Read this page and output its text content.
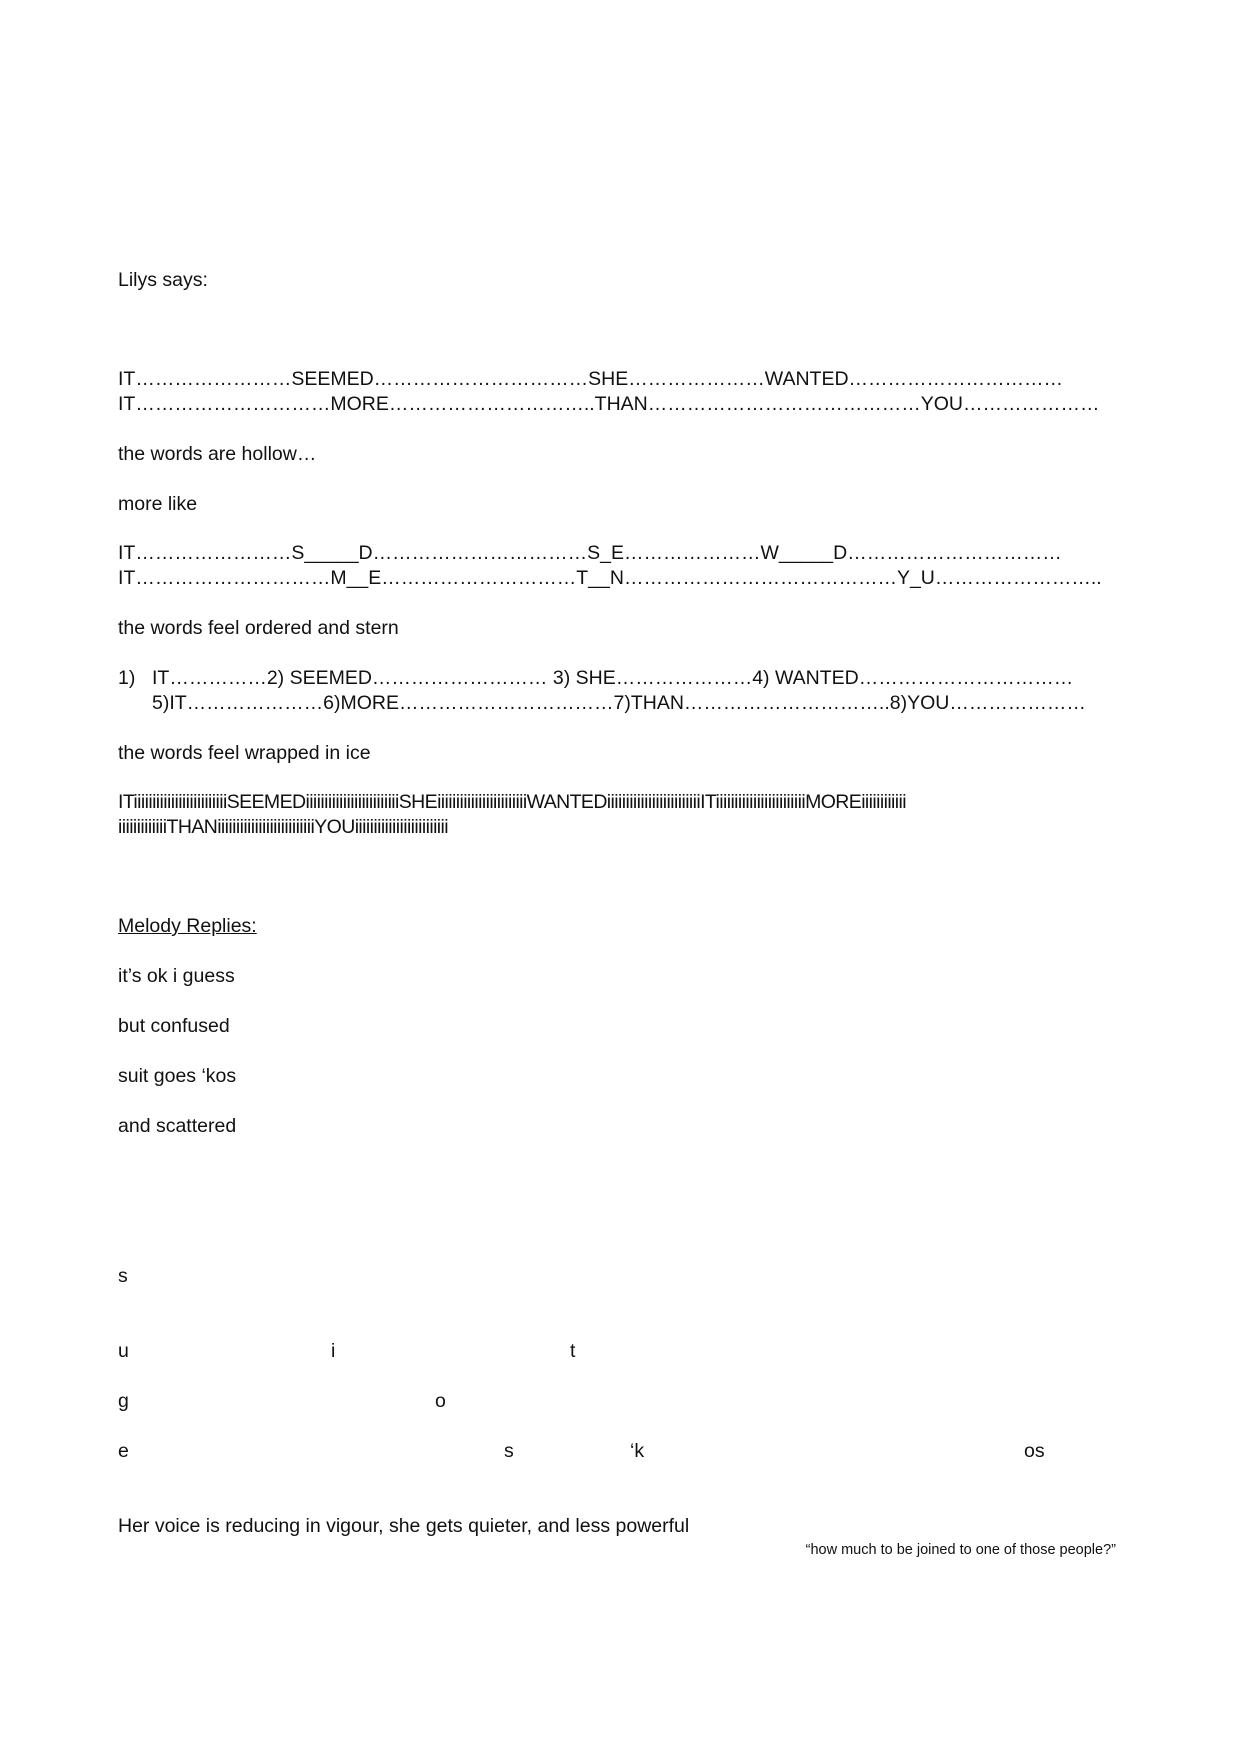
Lilys says:
IT……………………SEEMED……………………………SHE…………………WANTED……………………………
IT…………………………MORE…………………………..THAN……………………………………YOU…………………
the words are hollow…
more like
IT……………………S_____D……………………………S_E…………………W_____D……………………………
IT…………………………M__E…………………………T__N……………………………………Y_U……………………..
the words feel ordered and stern
1) IT……………2) SEEMED……………………… 3) SHE…………………4) WANTED……………………………
5)IT…………………6)MORE……………………………7)THAN…………………………..8)YOU…………………
the words feel wrapped in ice
ITiiiiiiiiiiiiiiiiiiiiiiiiiSEEMEDiiiiiiiiiiiiiiiiiiiiiiiiiSHEiiiiiiiiiiiiiiiiiiiiiiiiWANTEDiiiiiiiiiiiiiiiiiiiiiiiiiITiiiiiiiiiiiiiiiiiiiiiiiiMOREiiiiiiiiiiii
iiiiiiiiiiiiiTHANiiiiiiiiiiiiiiiiiiiiiiiiiiYOUiiiiiiiiiiiiiiiiiiiiiiiii
Melody Replies:
it’s ok i guess
but confused
suit goes ‘kos
and scattered
s
u	i	t
g	o
e	s	‘k	os
Her voice is reducing in vigour, she gets quieter, and less powerful
“how much to be joined to one of those people?”
